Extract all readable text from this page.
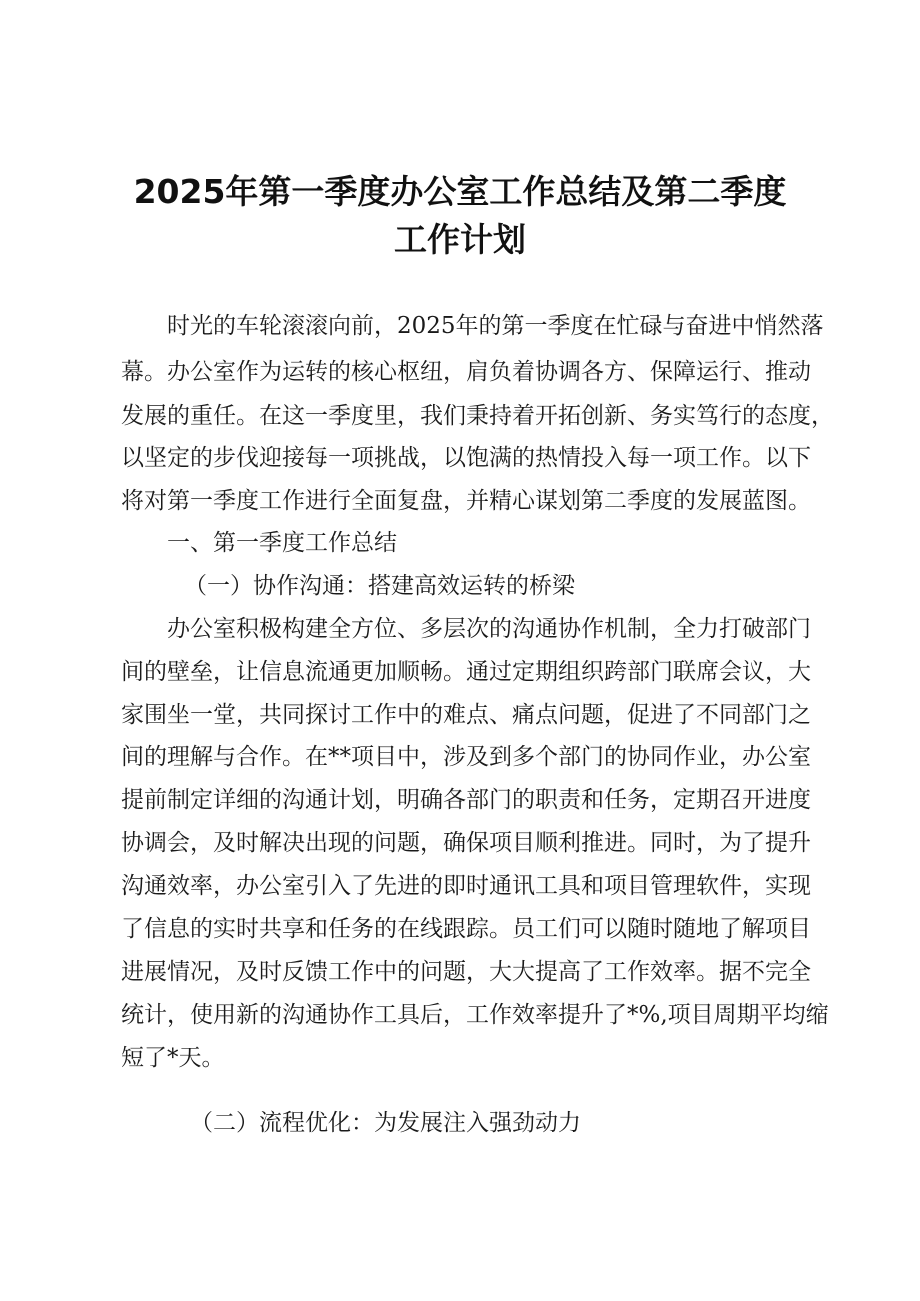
2025年第一季度办公室工作总结及第二季度
工作计划
时光的车轮滚滚向前，2025年的第一季度在忙碌与奋进中悄然落
幕。办公室作为运转的核心枢纽，肩负着协调各方、保障运行、推动
发展的重任。在这一季度里，我们秉持着开拓创新、务实笃行的态度，
以坚定的步伐迎接每一项挑战，以饱满的热情投入每一项工作。以下
将对第一季度工作进行全面复盘，并精心谋划第二季度的发展蓝图。
一、第一季度工作总结
（一）协作沟通：搭建高效运转的桥梁
办公室积极构建全方位、多层次的沟通协作机制，全力打破部门
间的壁垒，让信息流通更加顺畅。通过定期组织跨部门联席会议，大
家围坐一堂，共同探讨工作中的难点、痛点问题，促进了不同部门之
间的理解与合作。在**项目中，涉及到多个部门的协同作业，办公室
提前制定详细的沟通计划，明确各部门的职责和任务，定期召开进度
协调会，及时解决出现的问题，确保项目顺利推进。同时，为了提升
沟通效率，办公室引入了先进的即时通讯工具和项目管理软件，实现
了信息的实时共享和任务的在线跟踪。员工们可以随时随地了解项目
进展情况，及时反馈工作中的问题，大大提高了工作效率。据不完全
统计，使用新的沟通协作工具后，工作效率提升了*%,项目周期平均缩
短了*天。
（二）流程优化：为发展注入强劲动力
